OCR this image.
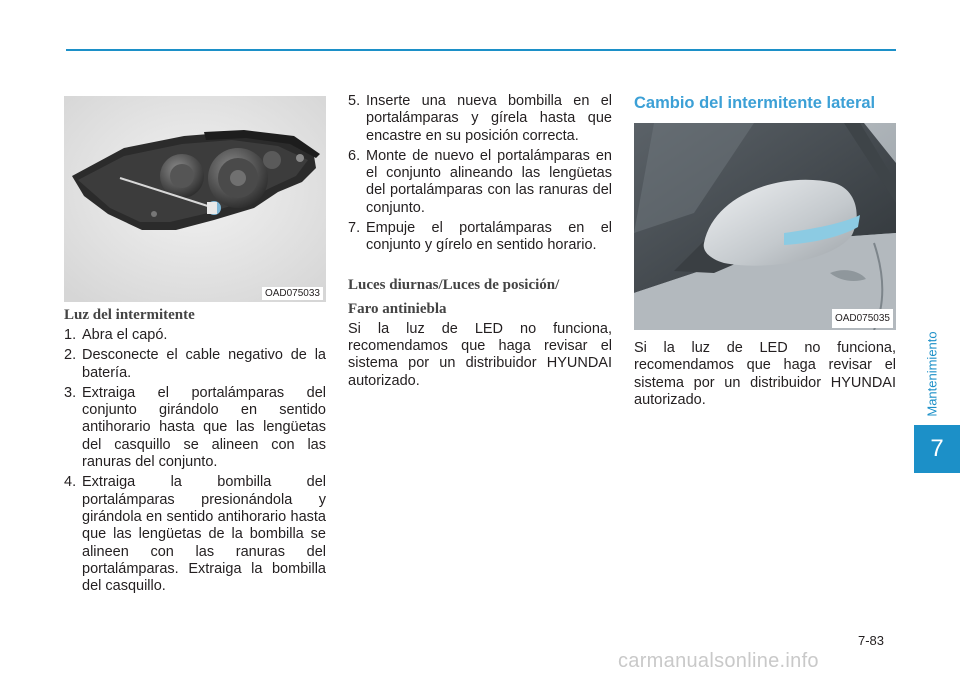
Mantenimiento
7
OAD075033
Luz del intermitente
1. Abra el capó.
2. Desconecte el cable negativo de la batería.
3. Extraiga el portalámparas del conjunto girándolo en sentido antihorario hasta que las lengüetas del casquillo se alineen con las ranuras del conjunto.
4. Extraiga la bombilla del portalámparas presionándola y girándola en sentido antihorario hasta que las lengüetas de la bombilla se alineen con las ranuras del portalámparas. Extraiga la bombilla del casquillo.
5. Inserte una nueva bombilla en el portalámparas y gírela hasta que encastre en su posición correcta.
6. Monte de nuevo el portalámparas en el conjunto alineando las lengüetas del portalámparas con las ranuras del conjunto.
7. Empuje el portalámparas en el conjunto y gírelo en sentido horario.
Luces diurnas/Luces de posición/
Faro antiniebla

Si la luz de LED no funciona, recomendamos que haga revisar el sistema por un distribuidor HYUNDAI autorizado.

Cambio del intermitente lateral
OAD075035

Si la luz de LED no funciona, recomendamos que haga revisar el sistema por un distribuidor HYUNDAI autorizado.

7-83
carmanualsonline.info
